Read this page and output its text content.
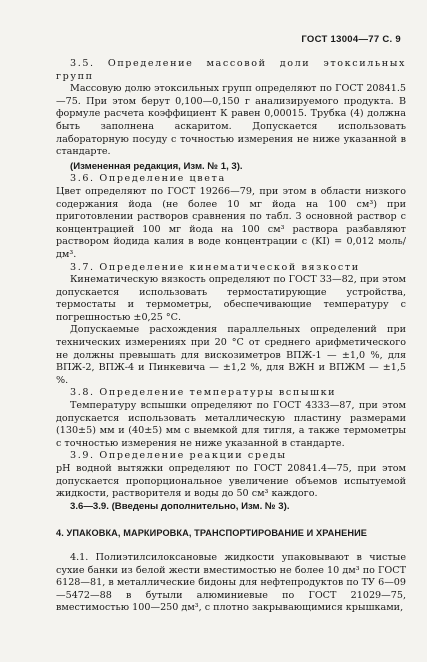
ГОСТ 13004—77 С. 9

3.5. Определение массовой доли этоксильных групп

Массовую долю этоксильных групп определяют по ГОСТ 20841.5—75. При этом берут 0,100—0,150 г анализируемого продукта. В формуле расчета коэффициент К равен 0,00015. Трубка (4) должна быть заполнена аскаритом. Допускается использовать лабораторную посуду с точностью измерения не ниже указанной в стандарте.

(Измененная редакция, Изм. № 1, 3).

3.6. Определение цвета

Цвет определяют по ГОСТ 19266—79, при этом в области низкого содержания йода (не более 10 мг йода на 100 см³) при приготовлении растворов сравнения по табл. 3 основной раствор с концентрацией 100 мг йода на 100 см³ раствора разбавляют раствором йодида калия в воде концентрации с (KI) = 0,012 моль/дм³.

3.7. Определение кинематической вязкости

Кинематическую вязкость определяют по ГОСТ 33—82, при этом допускается использовать термостатирующие устройства, термостаты и термометры, обеспечивающие температуру с погрешностью ±0,25 °С.

Допускаемые расхождения параллельных определений при технических измерениях при 20 °С от среднего арифметического не должны превышать для вискозиметров ВПЖ-1 — ±1,0 %, для ВПЖ-2, ВПЖ-4 и Пинкевича — ±1,2 %, для ВЖН и ВПЖМ — ±1,5 %.

3.8. Определение температуры вспышки

Температуру вспышки определяют по ГОСТ 4333—87, при этом допускается использовать металлическую пластину размерами (130±5) мм и (40±5) мм с выемкой для тигля, а также термометры с точностью измерения не ниже указанной в стандарте.

3.9. Определение реакции среды

рН водной вытяжки определяют по ГОСТ 20841.4—75, при этом допускается пропорциональное увеличение объемов испытуемой жидкости, растворителя и воды до 50 см³ каждого.

3.6—3.9. (Введены дополнительно, Изм. № 3).

4. УПАКОВКА, МАРКИРОВКА, ТРАНСПОРТИРОВАНИЕ И ХРАНЕНИЕ

4.1. Полиэтилсилоксановые жидкости упаковывают в чистые сухие банки из белой жести вместимостью не более 10 дм³ по ГОСТ 6128—81, в металлические бидоны для нефтепродуктов по ТУ 6—09—5472—88 в бутыли алюминиевые по ГОСТ 21029—75, вместимостью 100—250 дм³, с плотно закрывающимися крышками,
